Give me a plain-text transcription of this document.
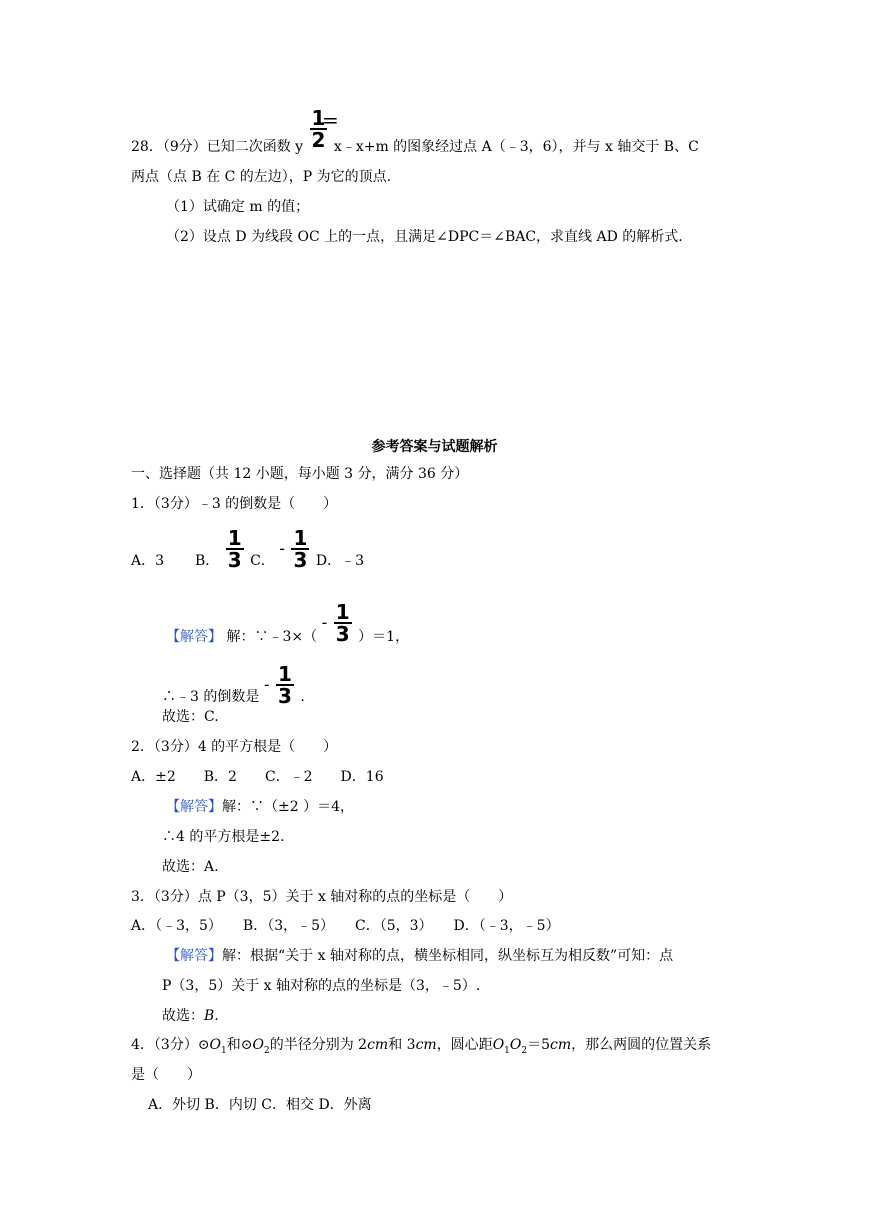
28．（9分）已知二次函数 y $\frac{1}{2}$ x﹣x+m 的图象经过点 A（﹣3，6），并与 x 轴交于 B、C
=
两点（点 B 在 C 的左边），P 为它的顶点.
（1）试确定 m 的值；
（2）设点 D 为线段 OC 上的一点，且满足∠DPC＝∠BAC，求直线 AD 的解析式.
参考答案与试题解析
一、选择题（共 12 小题，每小题 3 分，满分 36 分）
1．（3分）﹣3 的倒数是（　　）
A．3 B． $\frac{1}{3}$ C． - $\frac{1}{3}$ D．﹣3
【解答】 解：∵﹣3×（ - $\frac{1}{3} )=1$，
∴﹣3 的倒数是 - $\frac{1}{3}$ .
故选：C.
2．（3分）4 的平方根是（　　）
A．±2　　B．2　　C．﹣2　　D．16
【解答】解：∵（±2 ）＝4，
∴4 的平方根是±2.
故选：A.
3．（3分）点 P（3，5）关于 x 轴对称的点的坐标是（　　）
A．（﹣3，5）　　B．（3，﹣5）　　C．（5，3）　　D．（﹣3，﹣5）
【解答】解：根据“关于 x 轴对称的点，横坐标相同，纵坐标互为相反数”可知：点
P（3，5）关于 x 轴对称的点的坐标是（3，﹣5）.
故选：B.
4．（3分）$⊙O_1$和$⊙O_2$的半径分别为 2cm和 3cm，圆心距$O_1O_2=5cm$，那么两圆的位置关系
是（　　）
A．外切 B．内切 C．相交 D．外离
